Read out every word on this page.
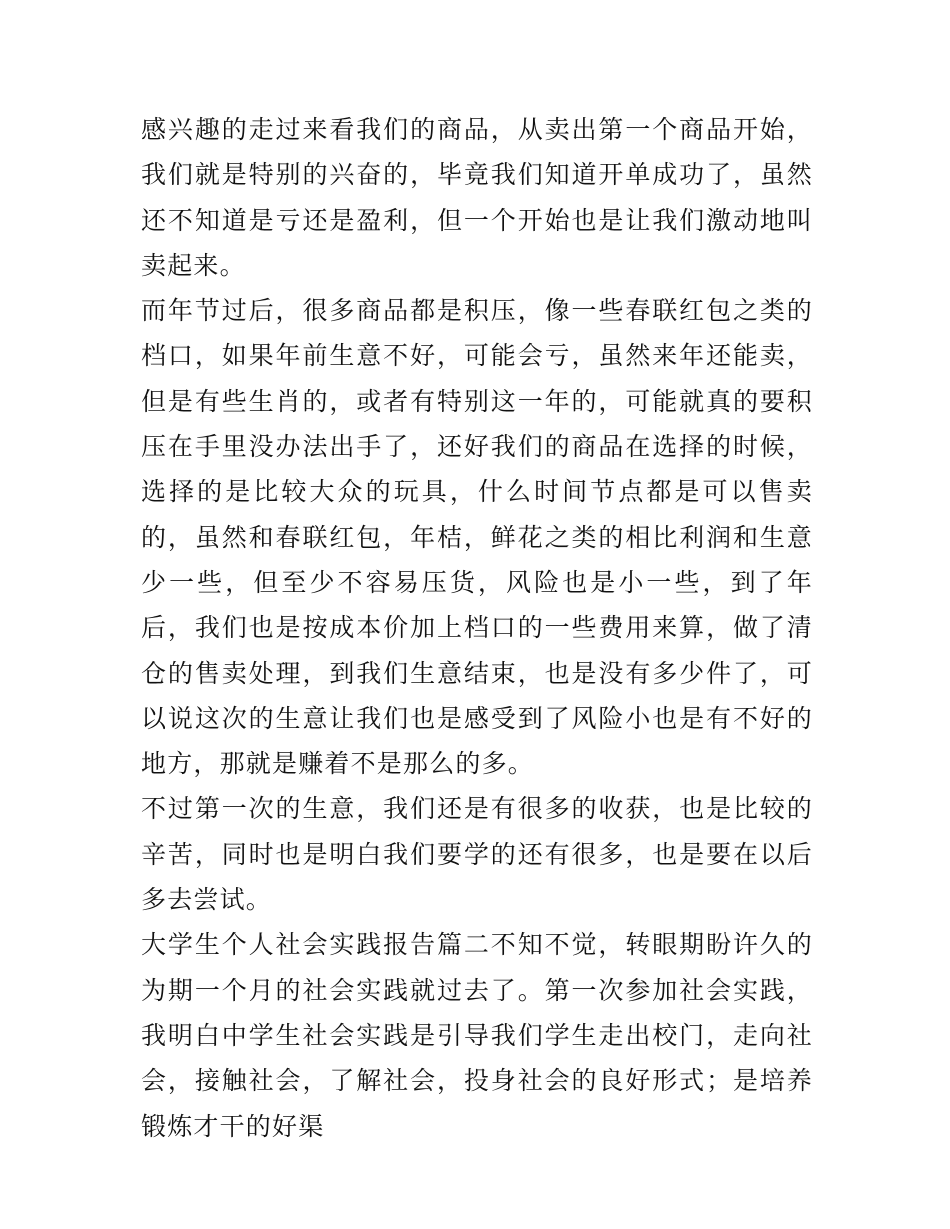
感兴趣的走过来看我们的商品，从卖出第一个商品开始，我们就是特别的兴奋的，毕竟我们知道开单成功了，虽然还不知道是亏还是盈利，但一个开始也是让我们激动地叫卖起来。

而年节过后，很多商品都是积压，像一些春联红包之类的档口，如果年前生意不好，可能会亏，虽然来年还能卖，但是有些生肖的，或者有特别这一年的，可能就真的要积压在手里没办法出手了，还好我们的商品在选择的时候，选择的是比较大众的玩具，什么时间节点都是可以售卖的，虽然和春联红包，年桔，鲜花之类的相比利润和生意少一些，但至少不容易压货，风险也是小一些，到了年后，我们也是按成本价加上档口的一些费用来算，做了清仓的售卖处理，到我们生意结束，也是没有多少件了，可以说这次的生意让我们也是感受到了风险小也是有不好的地方，那就是赚着不是那么的多。

不过第一次的生意，我们还是有很多的收获，也是比较的辛苦，同时也是明白我们要学的还有很多，也是要在以后多去尝试。

大学生个人社会实践报告篇二不知不觉，转眼期盼许久的为期一个月的社会实践就过去了。第一次参加社会实践，我明白中学生社会实践是引导我们学生走出校门，走向社会，接触社会，了解社会，投身社会的良好形式；是培养锻炼才干的好渠
